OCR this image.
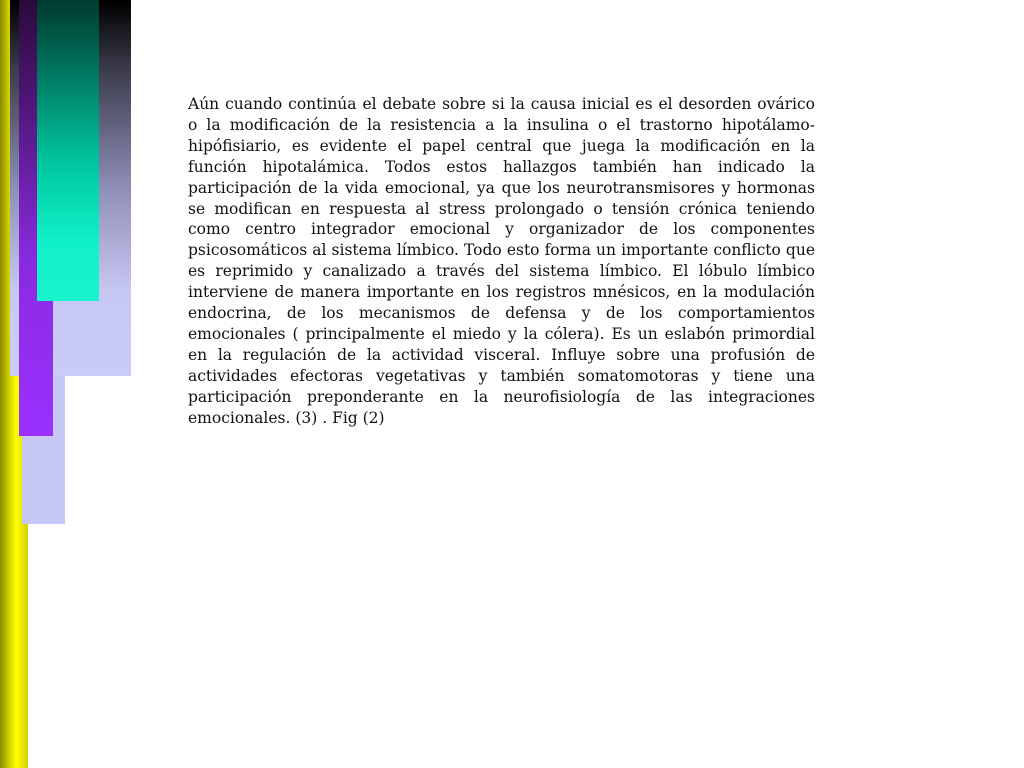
Aún cuando continúa el debate sobre si la causa inicial es el desorden ovárico o la modificación de la resistencia a la insulina o el trastorno hipotálamo-hipófisiario, es evidente el papel central que juega la modificación en la función hipotalámica. Todos estos hallazgos también han indicado la participación de la vida emocional, ya que los neurotransmisores y hormonas se modifican en respuesta al stress prolongado o tensión crónica teniendo como centro integrador emocional y organizador de los componentes psicosomáticos al sistema límbico. Todo esto forma un importante conflicto que es reprimido y canalizado a través del sistema límbico. El lóbulo límbico interviene de manera importante en los registros mnésicos, en la modulación endocrina, de los mecanismos de defensa y de los comportamientos emocionales ( principalmente el miedo y la cólera). Es un eslabón primordial en la regulación de la actividad visceral. Influye sobre una profusión de actividades efectoras vegetativas y también somatomotoras y tiene una participación preponderante en la neurofisiología de las integraciones emocionales. (3) . Fig (2)
